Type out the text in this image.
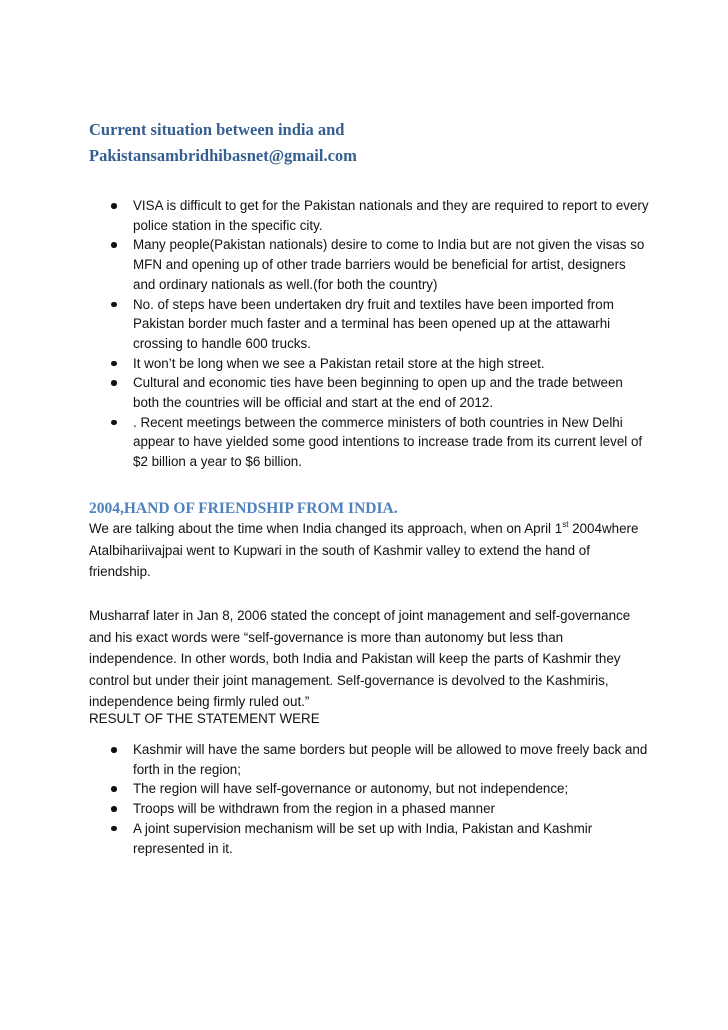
Current situation between india and
Pakistansambridhibasnet@gmail.com
VISA is difficult to get for the Pakistan nationals and they are required to report to every police station in the specific city.
Many people(Pakistan nationals) desire to come to India but are not given the visas so MFN and opening up of other trade barriers would be beneficial for artist, designers and ordinary nationals as well.(for both the country)
No. of steps have been undertaken dry fruit and textiles have been imported from Pakistan border much faster and a terminal has been opened up at the attawarhi crossing to handle 600 trucks.
It won’t be long when we see a Pakistan retail store at the high street.
Cultural and economic ties have been beginning to open up and the trade between both the countries will be official and start at the end of 2012.
. Recent meetings between the commerce ministers of both countries in New Delhi appear to have yielded some good intentions to increase trade from its current level of $2 billion a year to $6 billion.
2004,HAND OF FRIENDSHIP FROM INDIA.

We are talking about the time when India changed its approach, when on April 1st 2004where Atalbihariivajpai went to Kupwari in the south of Kashmir valley to extend the hand of friendship.

Musharraf later in Jan 8, 2006 stated the concept of joint management and self-governance and his exact words were “self-governance is more than autonomy but less than independence. In other words, both India and Pakistan will keep the parts of Kashmir they control but under their joint management. Self-governance is devolved to the Kashmiris, independence being firmly ruled out.”

RESULT OF THE STATEMENT WERE

Kashmir will have the same borders but people will be allowed to move freely back and forth in the region;
The region will have self-governance or autonomy, but not independence;
Troops will be withdrawn from the region in a phased manner
A joint supervision mechanism will be set up with India, Pakistan and Kashmir represented in it.
